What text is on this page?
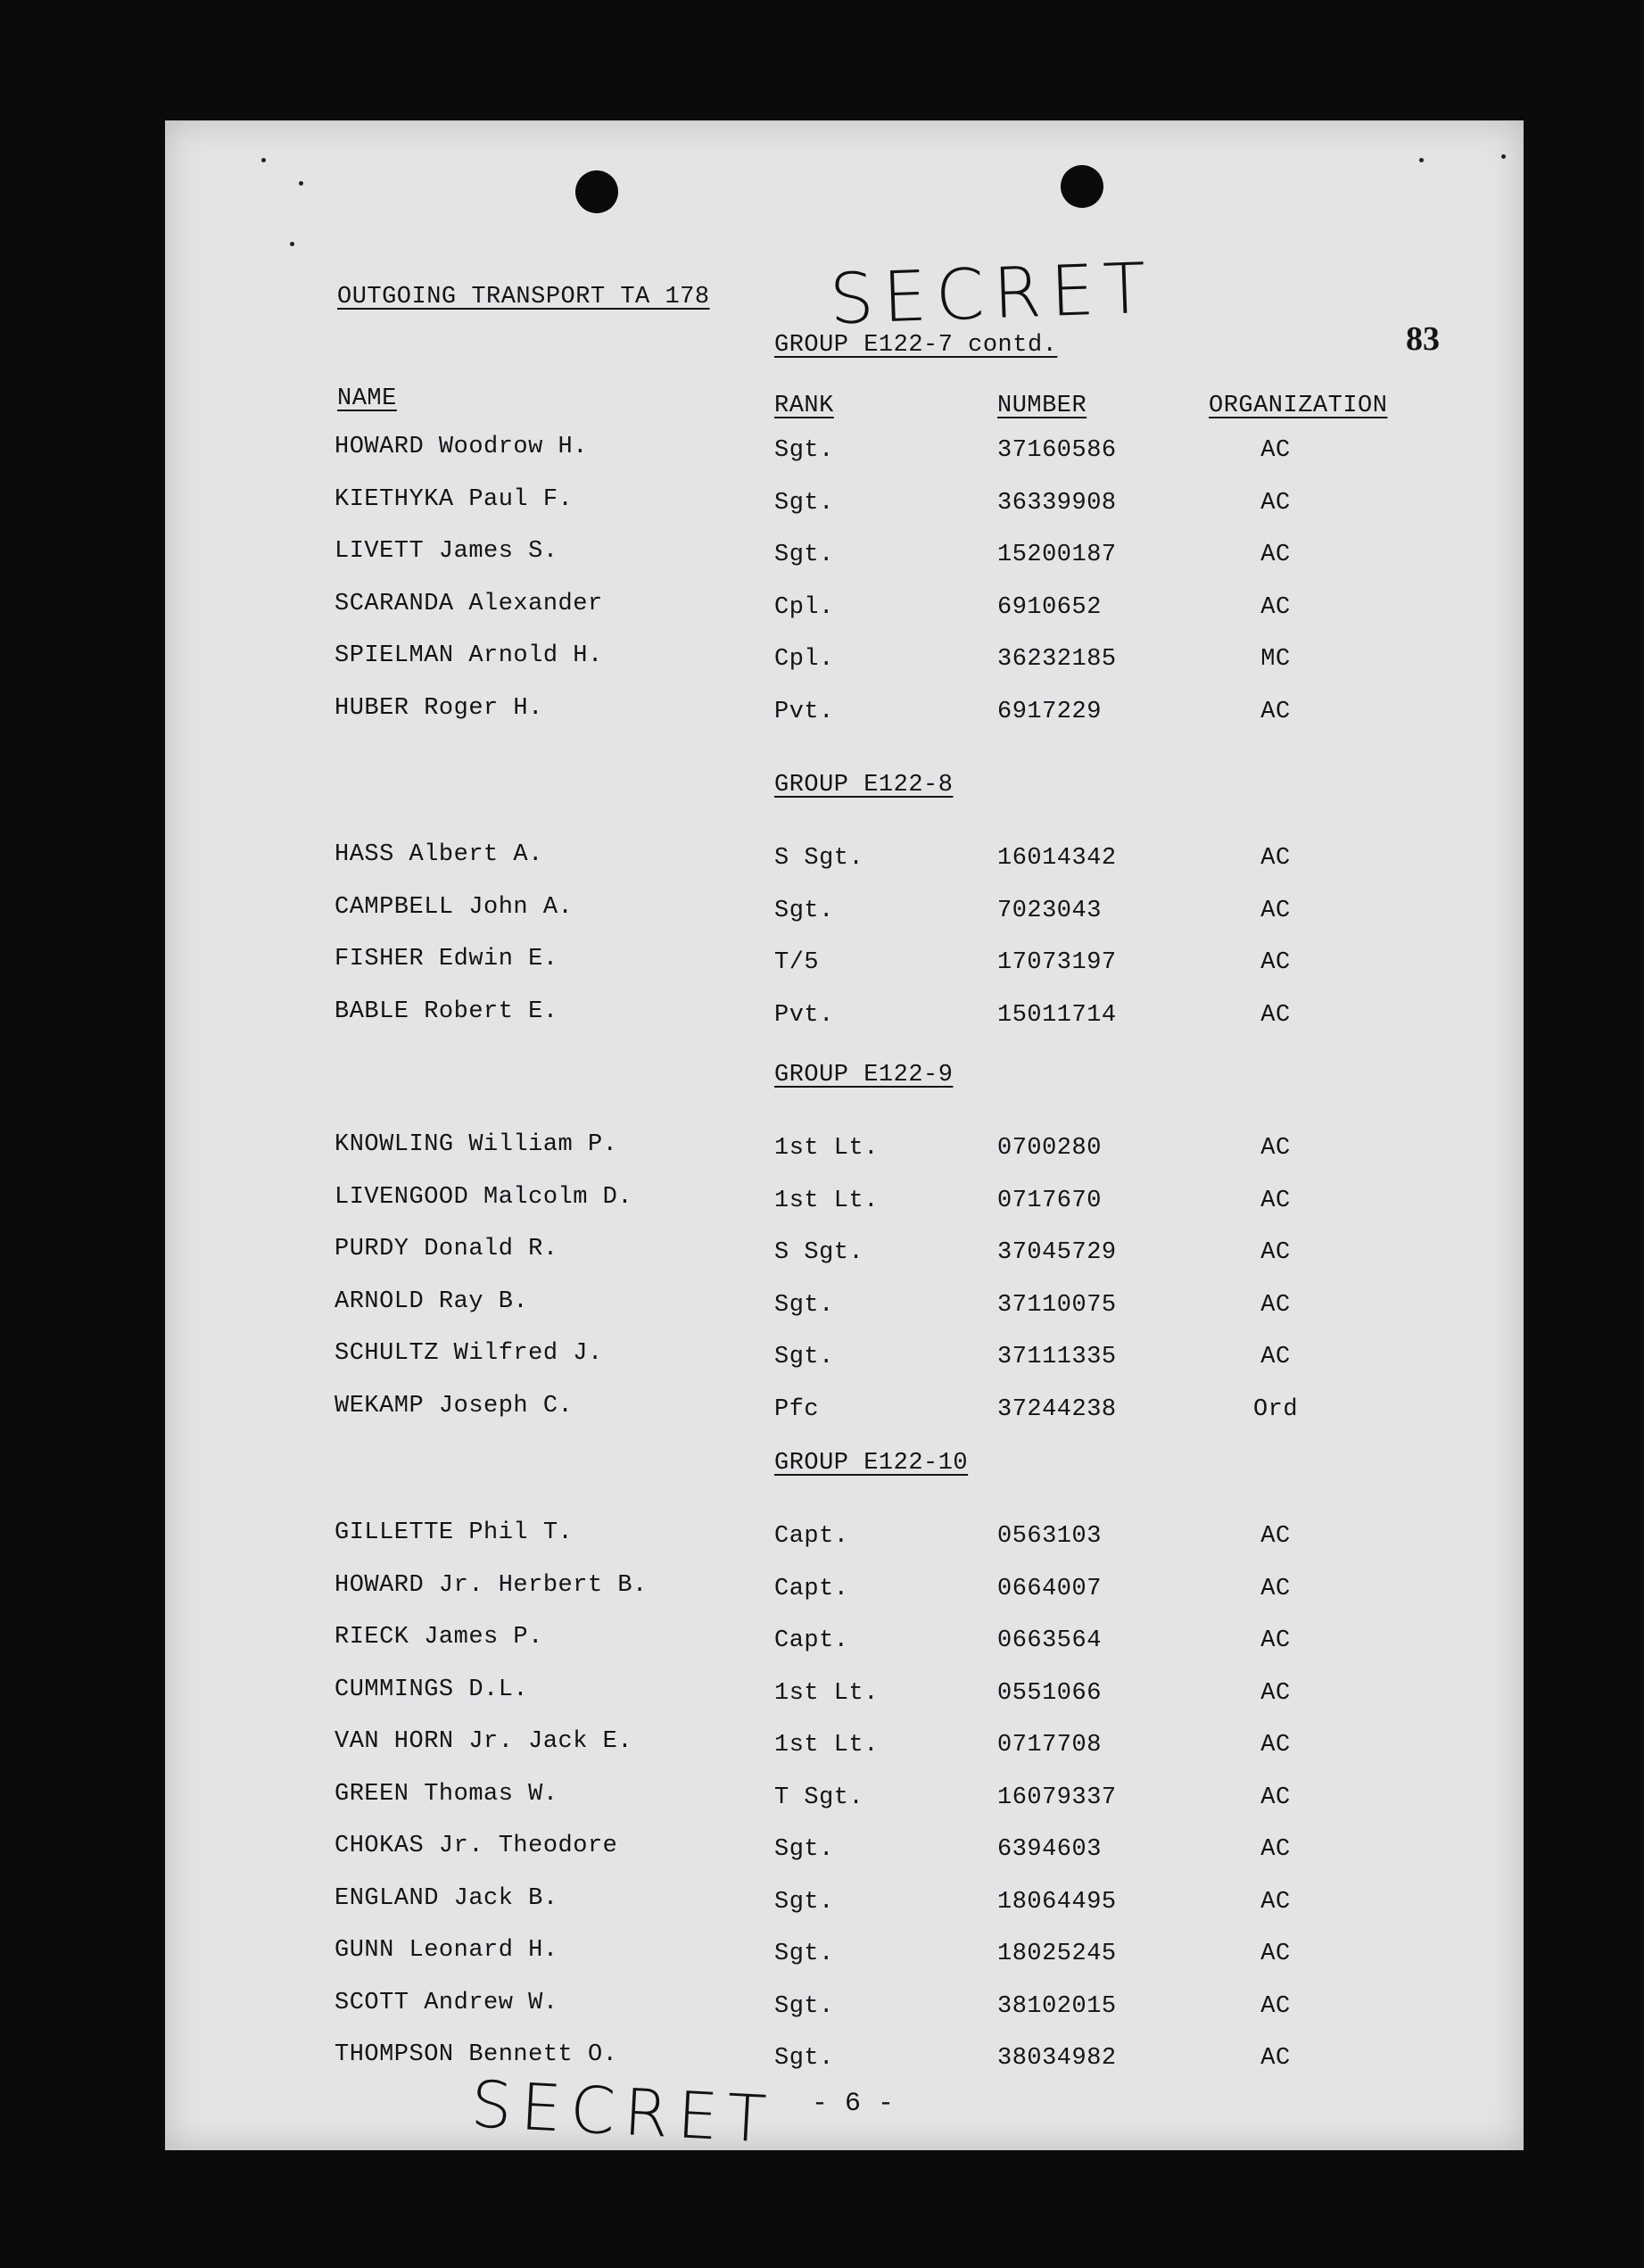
OUTGOING TRANSPORT TA 178 SECRET	83
NAME	RANK	NUMBER	ORGANIZATION
GROUP E122-7 contd.
HOWARD Woodrow H.	Sgt.	37160586	AC
KIETHYKA Paul F.	Sgt.	36339908	AC
LIVETT James S.	Sgt.	15200187	AC
SCARANDA Alexander	Cpl.	6910652	AC
SPIELMAN Arnold H.	Cpl.	36232185	MC
HUBER Roger H.	Pvt.	6917229	AC
GROUP E122-8
HASS Albert A.	S Sgt.	16014342	AC
CAMPBELL John A.	Sgt.	7023043	AC
FISHER Edwin E.	T/5	17073197	AC
BABLE Robert E.	Pvt.	15011714	AC
GROUP E122-9
KNOWLING William P.	1st Lt.	0700280	AC
LIVENGOOD Malcolm D.	1st Lt.	0717670	AC
PURDY Donald R.	S Sgt.	37045729	AC
ARNOLD Ray B.	Sgt.	37110075	AC
SCHULTZ Wilfred J.	Sgt.	37111335	AC
WEKAMP Joseph C.	Pfc	37244238	Ord
GROUP E122-10
GILLETTE Phil T.	Capt.	0563103	AC
HOWARD Jr. Herbert B.	Capt.	0664007	AC
RIECK James P.	Capt.	0663564	AC
CUMMINGS D.L.	1st Lt.	0551066	AC
VAN HORN Jr. Jack E.	1st Lt.	0717708	AC
GREEN Thomas W.	T Sgt.	16079337	AC
CHOKAS Jr. Theodore	Sgt.	6394603	AC
ENGLAND Jack B.	Sgt.	18064495	AC
GUNN Leonard H.	Sgt.	18025245	AC
SCOTT Andrew W.	Sgt.	38102015	AC
THOMPSON Bennett O.	Sgt.	38034982	AC
- 6 -
SECRET
